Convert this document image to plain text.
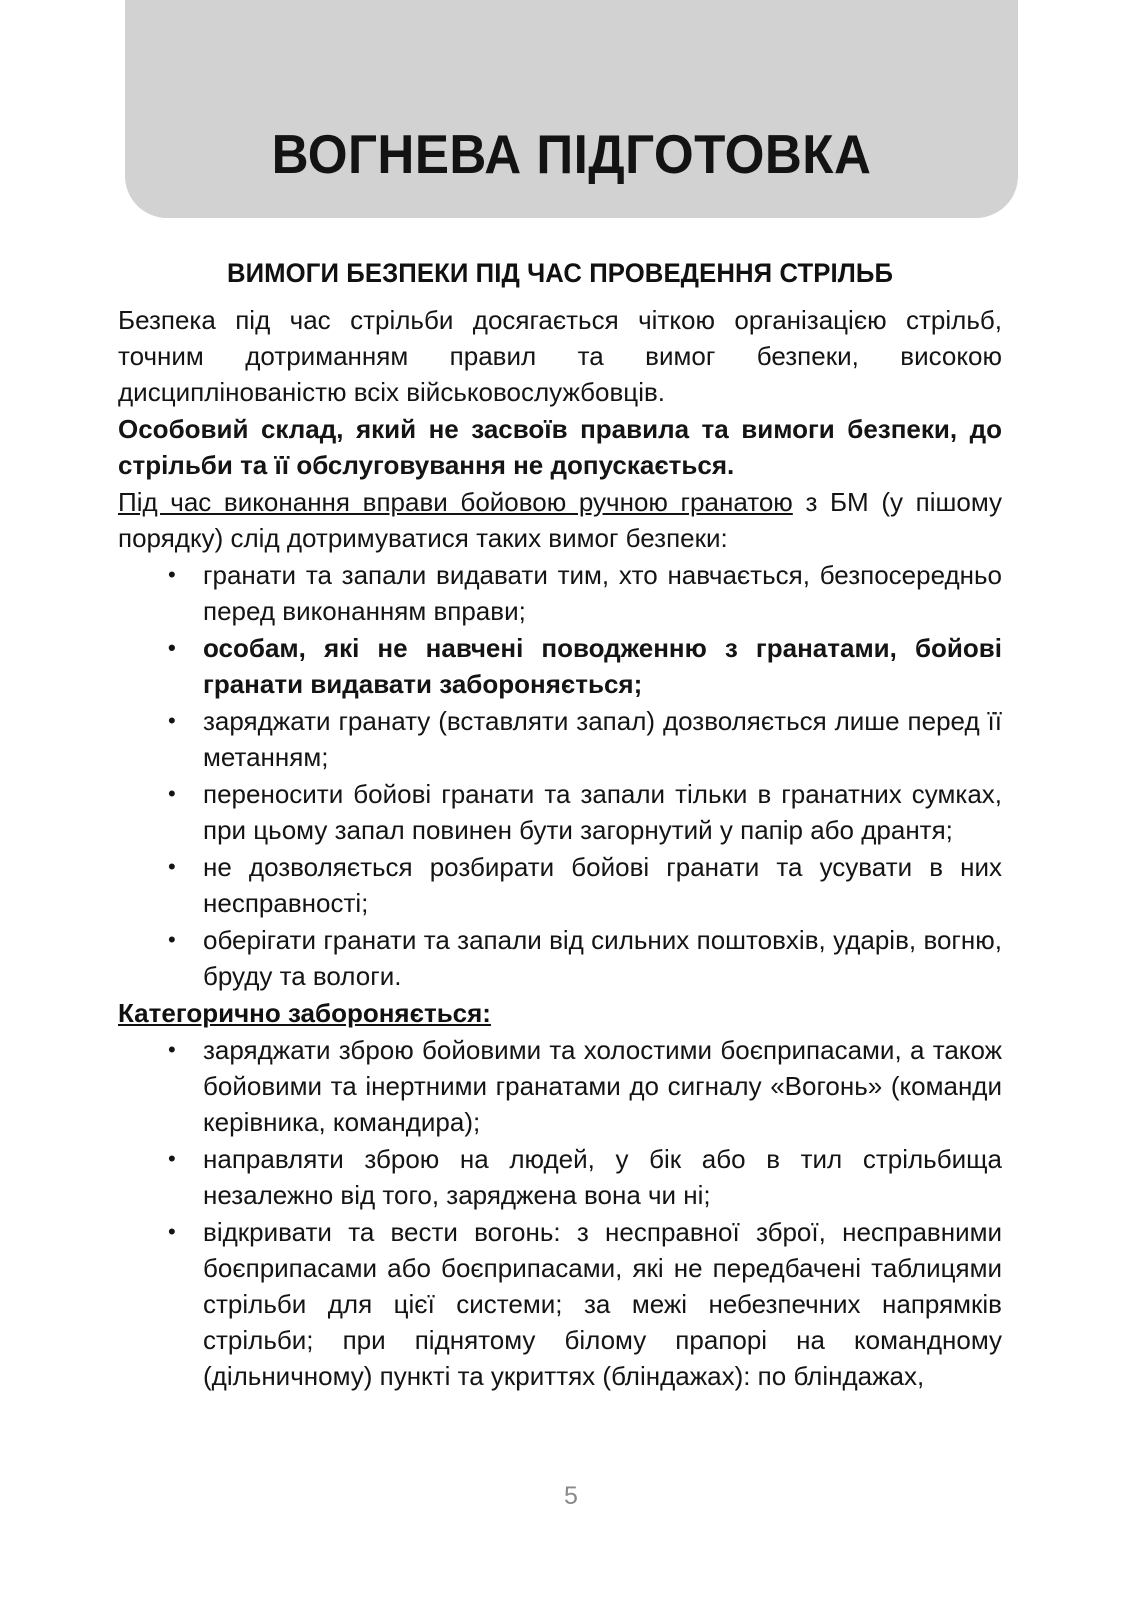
ВОГНЕВА ПІДГОТОВКА
ВИМОГИ БЕЗПЕКИ ПІД ЧАС ПРОВЕДЕННЯ СТРІЛЬБ

Безпека під час стрільби досягається чіткою організацією стрільб, точним дотриманням правил та вимог безпеки, високою дисциплінованістю всіх військовослужбовців.

Особовий склад, який не засвоїв правила та вимоги безпеки, до стрільби та її обслуговування не допускається.

Під час виконання вправи бойовою ручною гранатою з БМ (у пішому порядку) слід дотримуватися таких вимог безпеки:

• гранати та запали видавати тим, хто навчається, безпосередньо перед виконанням вправи;
• особам, які не навчені поводженню з гранатами, бойові гранати видавати забороняється;
• заряджати гранату (вставляти запал) дозволяється лише перед її метанням;
• переносити бойові гранати та запали тільки в гранатних сумках, при цьому запал повинен бути загорнутий у папір або дрантя;
• не дозволяється розбирати бойові гранати та усувати в них несправності;
• оберігати гранати та запали від сильних поштовхів, ударів, вогню, бруду та вологи.
Категорично забороняється:
• заряджати зброю бойовими та холостими боєприпасами, а також бойовими та інертними гранатами до сигналу «Вогонь» (команди керівника, командира);
• направляти зброю на людей, у бік або в тил стрільбища незалежно від того, заряджена вона чи ні;
• відкривати та вести вогонь: з несправної зброї, несправними боєприпасами або боєприпасами, які не передбачені таблицями стрільби для цієї системи; за межі небезпечних напрямків стрільби; при піднятому білому прапорі на командному (дільничному) пункті та укриттях (бліндажах): по бліндажах,
5
